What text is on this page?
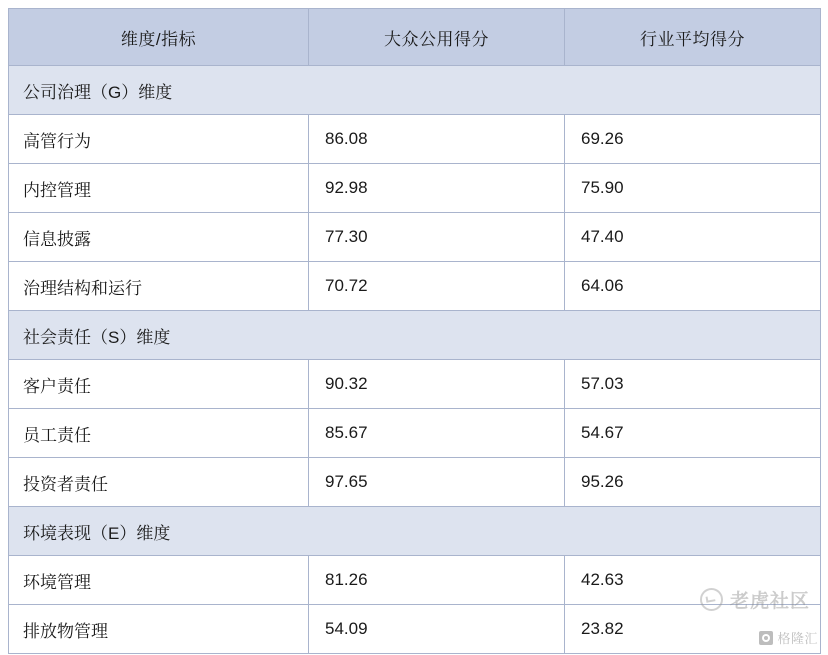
维度/指标	大众公用得分	行业平均得分
公司治理（G）维度		
高管行为	86.08	69.26
内控管理	92.98	75.90
信息披露	77.30	47.40
治理结构和运行	70.72	64.06
社会责任（S）维度		
客户责任	90.32	57.03
员工责任	85.67	54.67
投资者责任	97.65	95.26
环境表现（E）维度		
环境管理	81.26	42.63
排放物管理	54.09	23.82
老虎社区
格隆汇
